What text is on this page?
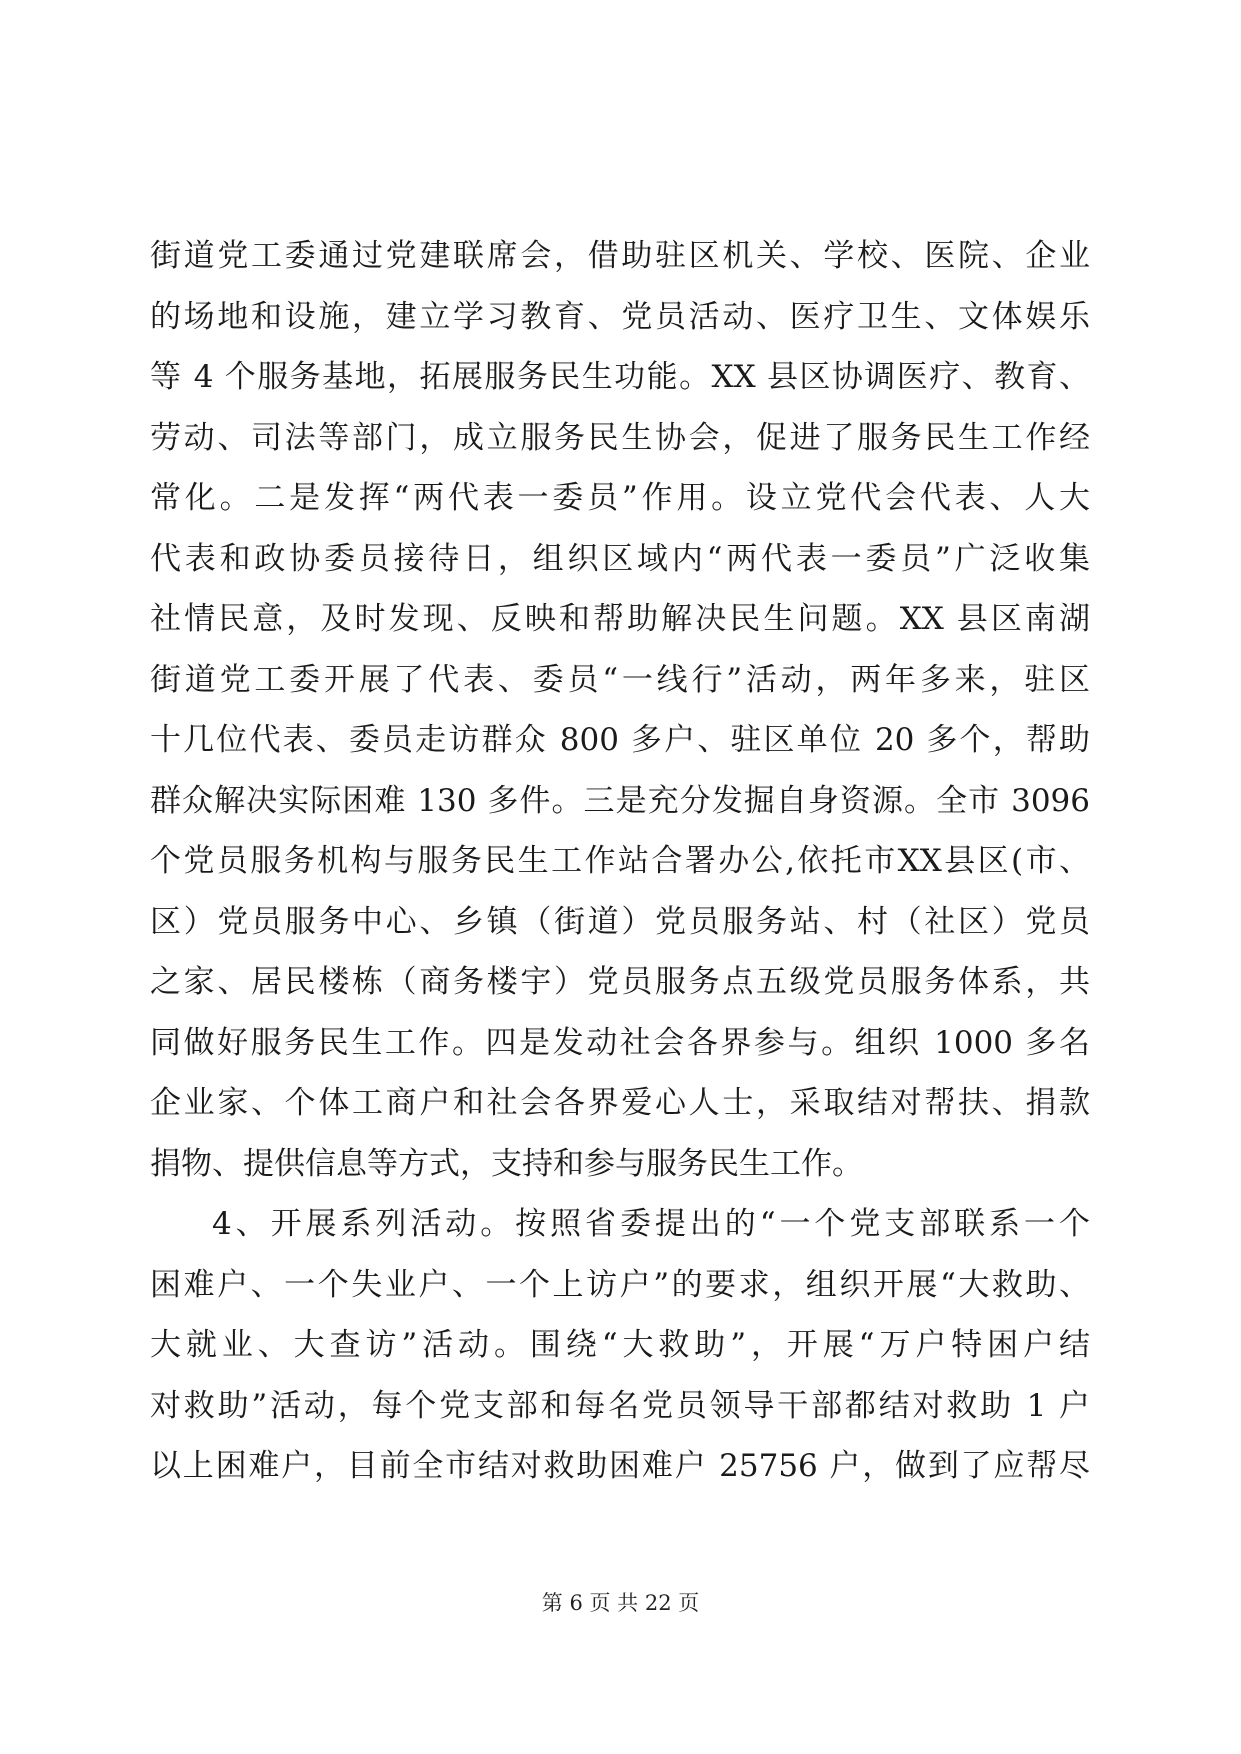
街道党工委通过党建联席会，借助驻区机关、学校、医院、企业
的场地和设施，建立学习教育、党员活动、医疗卫生、文体娱乐
等 4 个服务基地，拓展服务民生功能。XX 县区协调医疗、教育、
劳动、司法等部门，成立服务民生协会，促进了服务民生工作经
常化。二是发挥“两代表一委员”作用。设立党代会代表、人大
代表和政协委员接待日，组织区域内“两代表一委员”广泛收集
社情民意，及时发现、反映和帮助解决民生问题。XX 县区南湖
街道党工委开展了代表、委员“一线行”活动，两年多来，驻区
十几位代表、委员走访群众 800 多户、驻区单位 20 多个，帮助
群众解决实际困难 130 多件。三是充分发掘自身资源。全市 3096
个党员服务机构与服务民生工作站合署办公,依托市XX县区(市、
区）党员服务中心、乡镇（街道）党员服务站、村（社区）党员
之家、居民楼栋（商务楼宇）党员服务点五级党员服务体系，共
同做好服务民生工作。四是发动社会各界参与。组织 1000 多名
企业家、个体工商户和社会各界爱心人士，采取结对帮扶、捐款
捐物、提供信息等方式，支持和参与服务民生工作。
4、开展系列活动。按照省委提出的“一个党支部联系一个
困难户、一个失业户、一个上访户”的要求，组织开展“大救助、
大就业、大查访”活动。围绕“大救助”，开展“万户特困户结
对救助”活动，每个党支部和每名党员领导干部都结对救助 1 户
以上困难户，目前全市结对救助困难户 25756 户，做到了应帮尽
第 6 页 共 22 页
